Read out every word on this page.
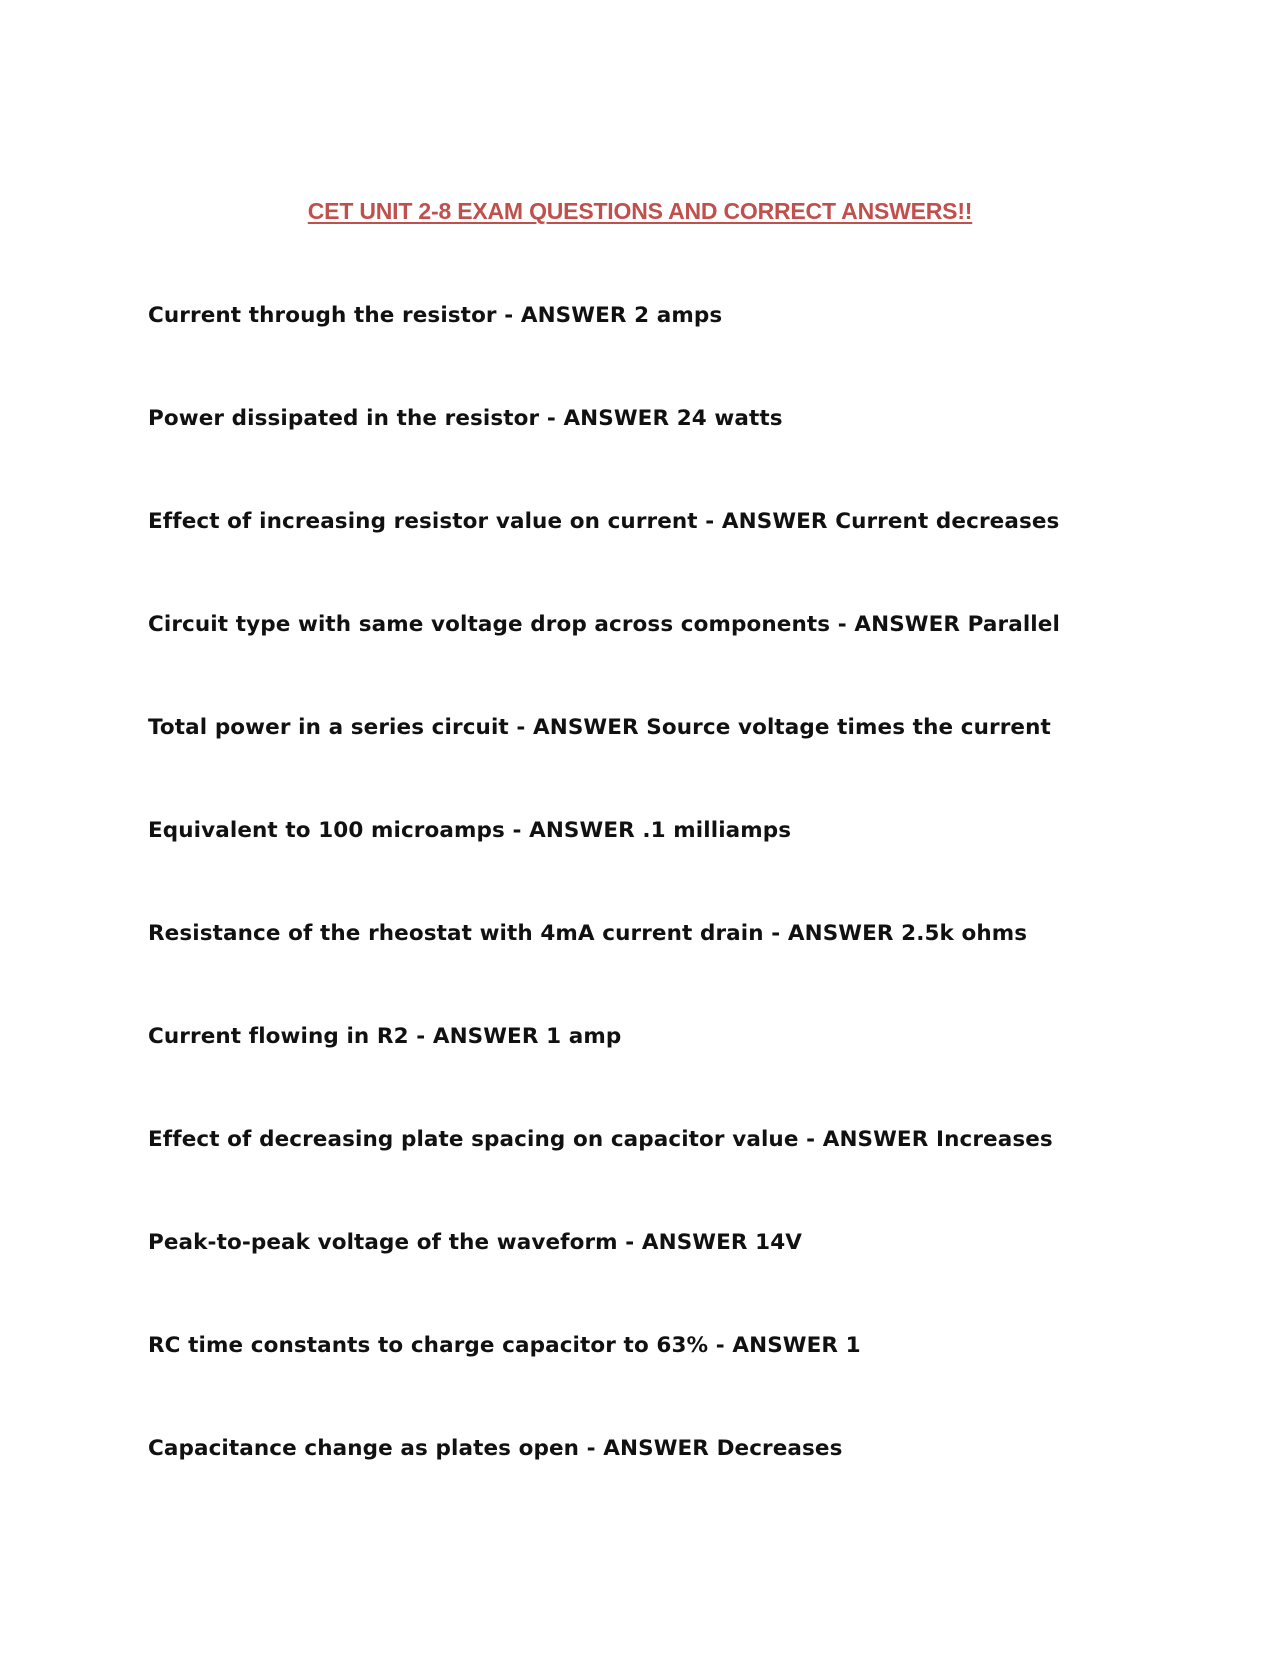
CET UNIT 2-8 EXAM QUESTIONS AND CORRECT ANSWERS!!
Current through the resistor - ANSWER 2 amps
Power dissipated in the resistor - ANSWER 24 watts
Effect of increasing resistor value on current - ANSWER Current decreases
Circuit type with same voltage drop across components - ANSWER Parallel
Total power in a series circuit - ANSWER Source voltage times the current
Equivalent to 100 microamps - ANSWER .1 milliamps
Resistance of the rheostat with 4mA current drain - ANSWER 2.5k ohms
Current flowing in R2 - ANSWER 1 amp
Effect of decreasing plate spacing on capacitor value - ANSWER Increases
Peak-to-peak voltage of the waveform - ANSWER 14V
RC time constants to charge capacitor to 63% - ANSWER 1
Capacitance change as plates open - ANSWER Decreases
